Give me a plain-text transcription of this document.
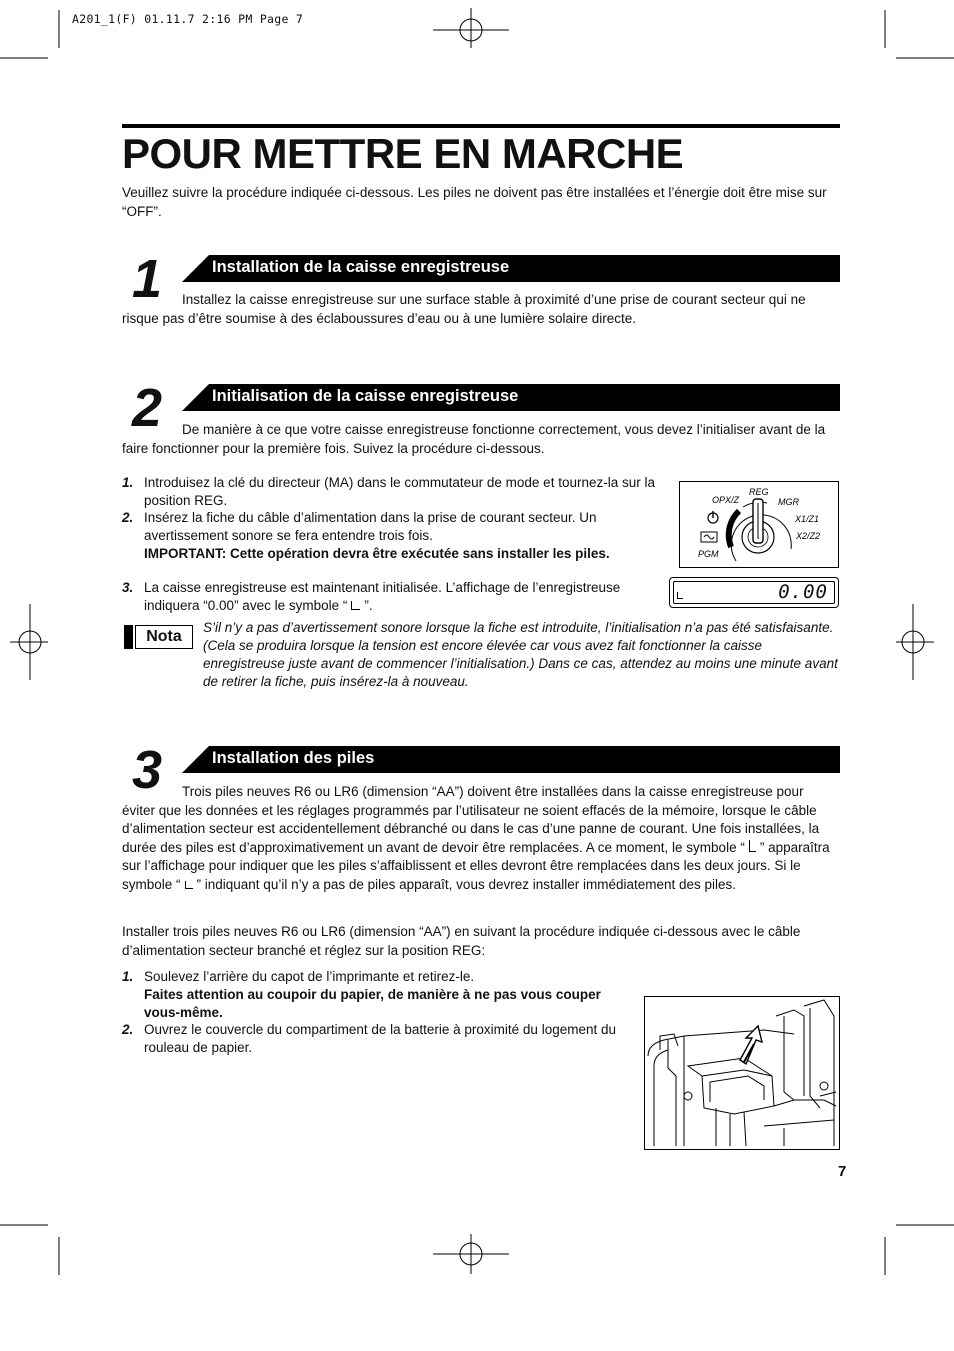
A201_1(F) 01.11.7 2:16 PM Page 7
POUR METTRE EN MARCHE

Veuillez suivre la procédure indiquée ci-dessous. Les piles ne doivent pas être installées et l’énergie doit être mise sur “OFF”.

1	Installation de la caisse enregistreuse

Installez la caisse enregistreuse sur une surface stable à proximité d’une prise de courant secteur qui ne risque pas d’être soumise à des éclaboussures d’eau ou à une lumière solaire directe.

2	Initialisation de la caisse enregistreuse

De manière à ce que votre caisse enregistreuse fonctionne correctement, vous devez l’initialiser avant de la faire fonctionner pour la première fois. Suivez la procédure ci-dessous.

1. Introduisez la clé du directeur (MA) dans le commutateur de mode et tournez-la sur la position REG.
2. Insérez la fiche du câble d’alimentation dans la prise de courant secteur. Un avertissement sonore se fera entendre trois fois.
IMPORTANT: Cette opération devra être exécutée sans installer les piles.
3. La caisse enregistreuse est maintenant initialisée. L’affichage de l’enregistreuse indiquera “0.00” avec le symbole “ ”.
REG
OPX/Z	MGR
X1/Z1
X2/Z2
PGM
0.00
Nota

S’il n’y a pas d’avertissement sonore lorsque la fiche est introduite, l’initialisation n’a pas été satisfaisante. (Cela se produira lorsque la tension est encore élevée car vous avez fait fonctionner la caisse enregistreuse juste avant de commencer l’initialisation.) Dans ce cas, attendez au moins une minute avant de retirer la fiche, puis insérez-la à nouveau.

3	Installation des piles

Trois piles neuves R6 ou LR6 (dimension “AA”) doivent être installées dans la caisse enregistreuse pour éviter que les données et les réglages programmés par l’utilisateur ne soient effacés de la mémoire, lorsque le câble d’alimentation secteur est accidentellement débranché ou dans le cas d’une panne de courant. Une fois installées, la durée des piles est d’approximativement un avant de devoir être remplacées. A ce moment, le symbole “ ” apparaîtra sur l’affichage pour indiquer que les piles s’affaiblissent et elles devront être remplacées dans les deux jours. Si le symbole “ ” indiquant qu’il n’y a pas de piles apparaît, vous devrez installer immédiatement des piles.

Installer trois piles neuves R6 ou LR6 (dimension “AA”) en suivant la procédure indiquée ci-dessous avec le câble d’alimentation secteur branché et réglez sur la position REG:

1. Soulevez l’arrière du capot de l’imprimante et retirez-le.
Faites attention au coupoir du papier, de manière à ne pas vous couper vous-même.
2. Ouvrez le couvercle du compartiment de la batterie à proximité du logement du rouleau de papier.
7
